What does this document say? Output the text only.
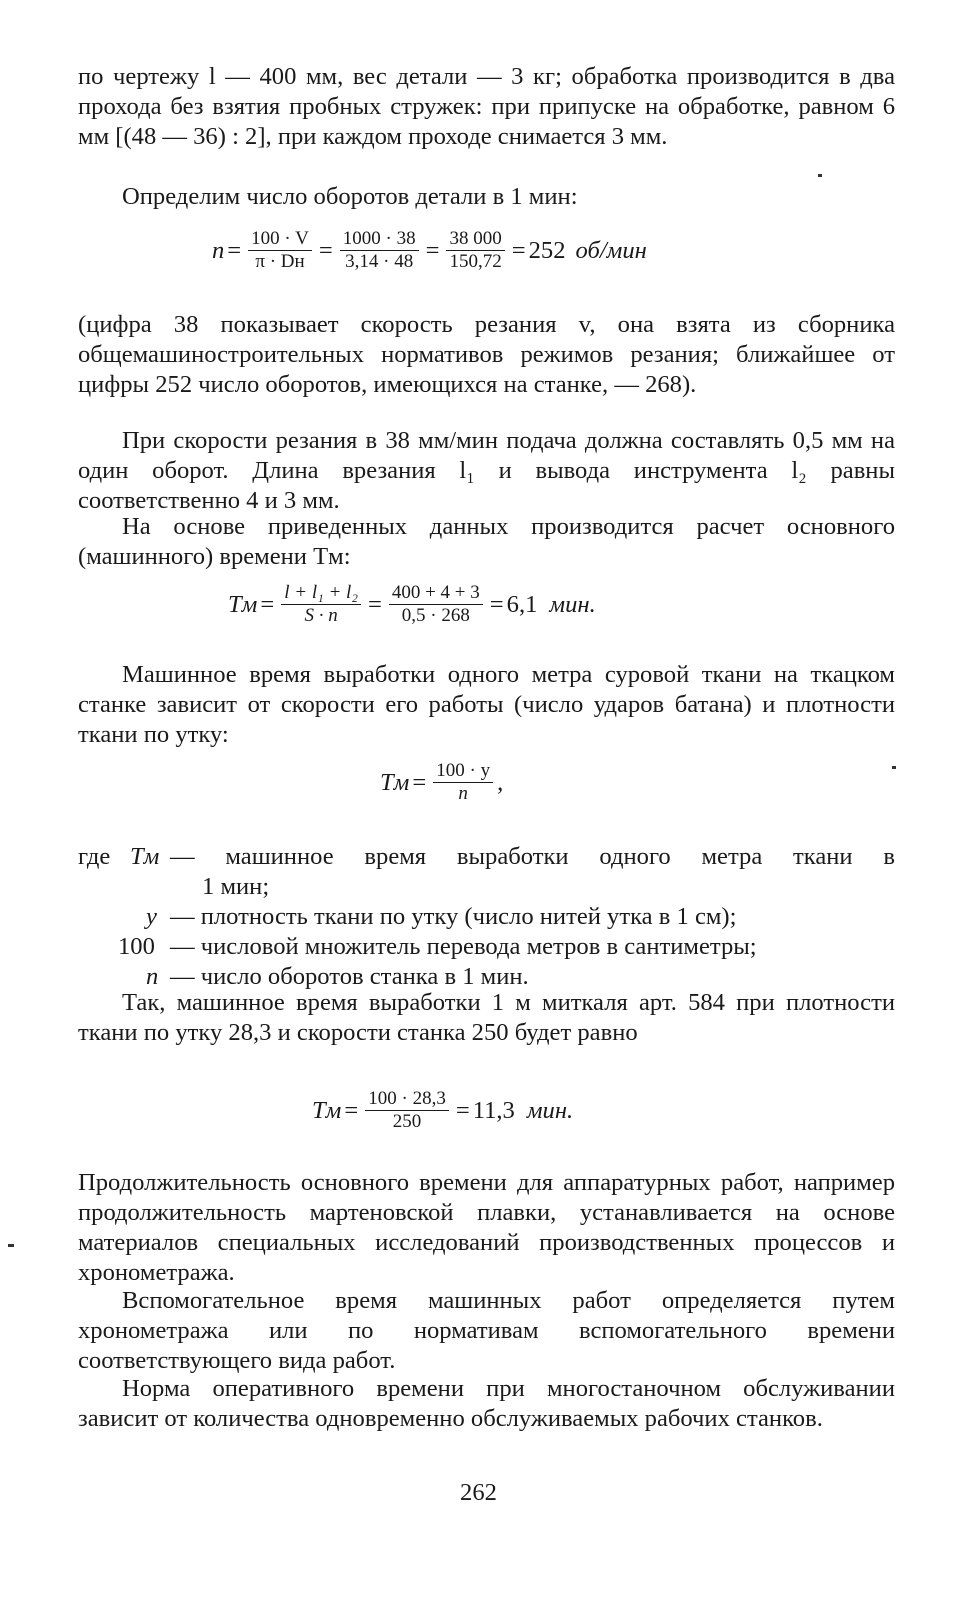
по чертежу l — 400 мм, вес детали — 3 кг; обработка производится в два прохода без взятия пробных стружек: при припуске на обработке, равном 6 мм [(48 — 36) : 2], при каждом проходе снимается 3 мм.

Определим число оборотов детали в 1 мин:

$n = \frac{100 \cdot V}{\pi \cdot Dн} = \frac{1000 \cdot 38}{3,14 \cdot 48} = \frac{38 000}{150,72} = 252$ об/мин

(цифра 38 показывает скорость резания v, она взята из сборника общемашиностроительных нормативов режимов резания; ближайшее от цифры 252 число оборотов, имеющихся на станке, — 268).

При скорости резания в 38 мм/мин подача должна составлять 0,5 мм на один оборот. Длина врезания l₁ и вывода инструмента l₂ равны соответственно 4 и 3 мм.

На основе приведенных данных производится расчет основного (машинного) времени Tм:

Tм = $\frac{\text{l + l₁ + l₂}}{S \cdot n} = \frac{400 + 4 + 3}{0,5 \cdot 268} = 6,1$ мин.

Машинное время выработки одного метра суровой ткани на ткацком станке зависит от скорости его работы (число ударов батана) и плотности ткани по утку:

Tм = $\frac{100 \cdot y}{n}$ ,
где Tм — машинное время выработки одного метра ткани в
1 мин;
y — плотность ткани по утку (число нитей утка в 1 см);
100 — числовой множитель перевода метров в сантиметры;
n — число оборотов станка в 1 мин.

Так, машинное время выработки 1 м миткаля арт. 584 при плотности ткани по утку 28,3 и скорости станка 250 будет равно

Tм = $\frac{100 \cdot 28,3}{250} = 11,3$ мин.

Продолжительность основного времени для аппаратурных работ, например продолжительность мартеновской плавки, устанавливается на основе материалов специальных исследований производственных процессов и хронометража.

Вспомогательное время машинных работ определяется путем хронометража или по нормативам вспомогательного времени соответствующего вида работ.

Норма оперативного времени при многостаночном обслуживании зависит от количества одновременно обслуживаемых рабочих станков.

262
